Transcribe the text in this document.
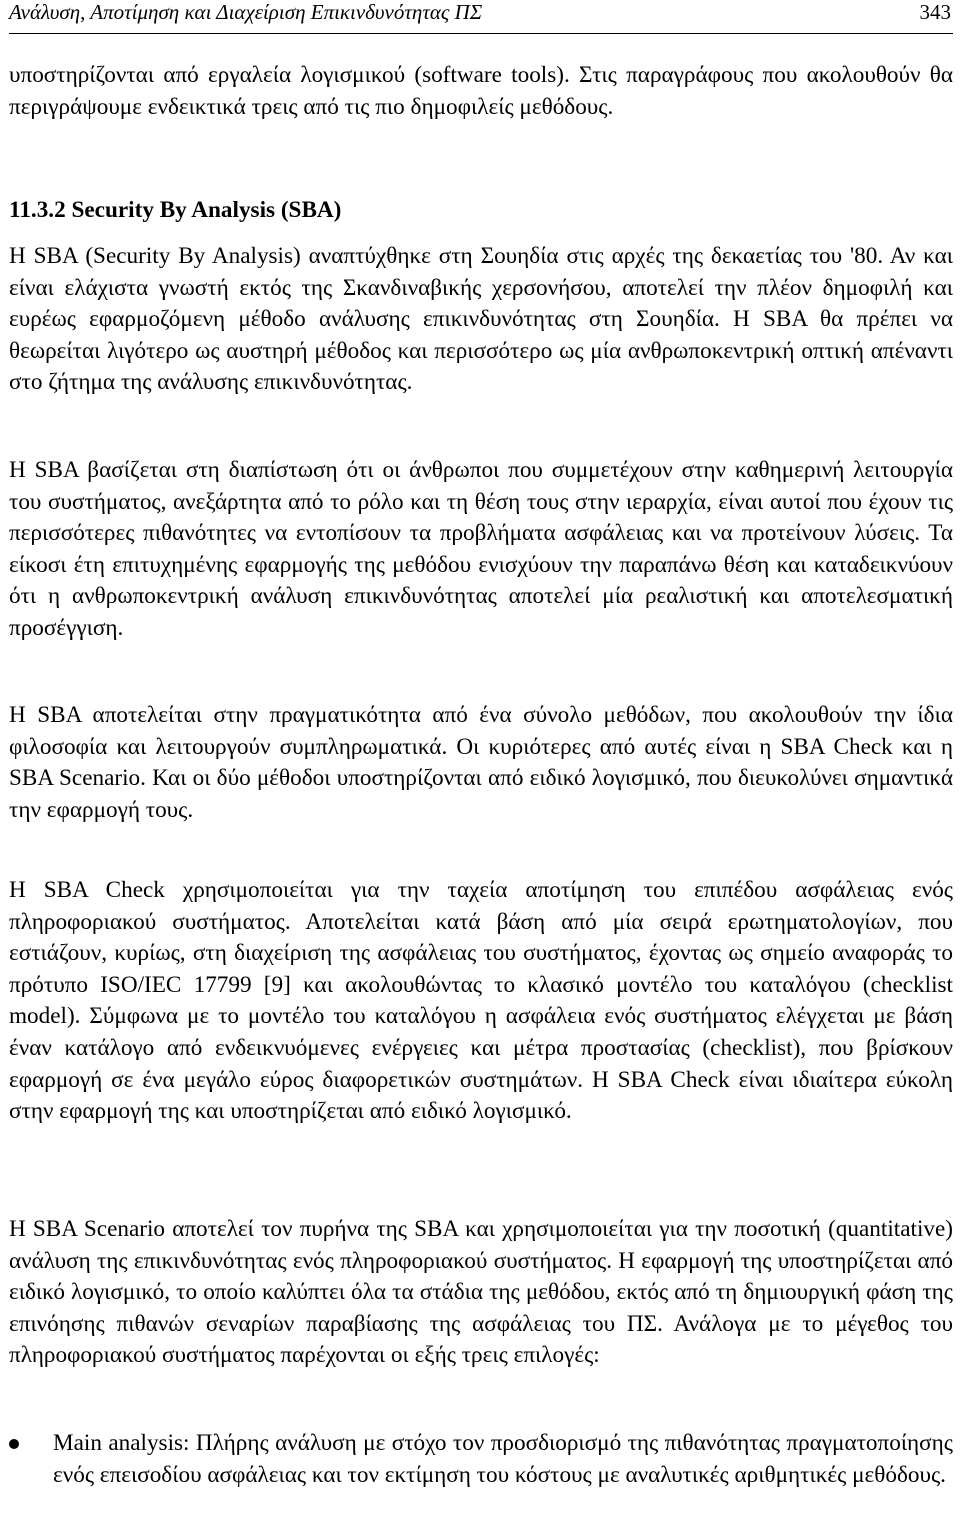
Ανάλυση, Αποτίμηση και Διαχείριση Επικινδυνότητας ΠΣ	343

υποστηρίζονται από εργαλεία λογισμικού (software tools). Στις παραγράφους που ακολουθούν θα περιγράψουμε ενδεικτικά τρεις από τις πιο δημοφιλείς μεθόδους.

11.3.2 Security By Analysis (SBA)

Η SBA (Security By Analysis) αναπτύχθηκε στη Σουηδία στις αρχές της δεκαετίας του '80. Αν και είναι ελάχιστα γνωστή εκτός της Σκανδιναβικής χερσονήσου, αποτελεί την πλέον δημοφιλή και ευρέως εφαρμοζόμενη μέθοδο ανάλυσης επικινδυνότητας στη Σουηδία. Η SBA θα πρέπει να θεωρείται λιγότερο ως αυστηρή μέθοδος και περισσότερο ως μία ανθρωποκεντρική οπτική απέναντι στο ζήτημα της ανάλυσης επικινδυνότητας.

Η SBA βασίζεται στη διαπίστωση ότι οι άνθρωποι που συμμετέχουν στην καθημερινή λειτουργία του συστήματος, ανεξάρτητα από το ρόλο και τη θέση τους στην ιεραρχία, είναι αυτοί που έχουν τις περισσότερες πιθανότητες να εντοπίσουν τα προβλήματα ασφάλειας και να προτείνουν λύσεις. Τα είκοσι έτη επιτυχημένης εφαρμογής της μεθόδου ενισχύουν την παραπάνω θέση και καταδεικνύουν ότι η ανθρωποκεντρική ανάλυση επικινδυνότητας αποτελεί μία ρεαλιστική και αποτελεσματική προσέγγιση.

Η SBA αποτελείται στην πραγματικότητα από ένα σύνολο μεθόδων, που ακολουθούν την ίδια φιλοσοφία και λειτουργούν συμπληρωματικά. Οι κυριότερες από αυτές είναι η SBA Check και η SBA Scenario. Και οι δύο μέθοδοι υποστηρίζονται από ειδικό λογισμικό, που διευκολύνει σημαντικά την εφαρμογή τους.

Η SBA Check χρησιμοποιείται για την ταχεία αποτίμηση του επιπέδου ασφάλειας ενός πληροφοριακού συστήματος. Αποτελείται κατά βάση από μία σειρά ερωτηματολογίων, που εστιάζουν, κυρίως, στη διαχείριση της ασφάλειας του συστήματος, έχοντας ως σημείο αναφοράς το πρότυπο ISO/IEC 17799 [9] και ακολουθώντας το κλασικό μοντέλο του καταλόγου (checklist model). Σύμφωνα με το μοντέλο του καταλόγου η ασφάλεια ενός συστήματος ελέγχεται με βάση έναν κατάλογο από ενδεικνυόμενες ενέργειες και μέτρα προστασίας (checklist), που βρίσκουν εφαρμογή σε ένα μεγάλο εύρος διαφορετικών συστημάτων. Η SBA Check είναι ιδιαίτερα εύκολη στην εφαρμογή της και υποστηρίζεται από ειδικό λογισμικό.

Η SBA Scenario αποτελεί τον πυρήνα της SBA και χρησιμοποιείται για την ποσοτική (quantitative) ανάλυση της επικινδυνότητας ενός πληροφοριακού συστήματος. Η εφαρμογή της υποστηρίζεται από ειδικό λογισμικό, το οποίο καλύπτει όλα τα στάδια της μεθόδου, εκτός από τη δημιουργική φάση της επινόησης πιθανών σεναρίων παραβίασης της ασφάλειας του ΠΣ. Ανάλογα με το μέγεθος του πληροφοριακού συστήματος παρέχονται οι εξής τρεις επιλογές:

Main analysis: Πλήρης ανάλυση με στόχο τον προσδιορισμό της πιθανότητας πραγματοποίησης ενός επεισοδίου ασφάλειας και τον εκτίμηση του κόστους με αναλυτικές αριθμητικές μεθόδους.
